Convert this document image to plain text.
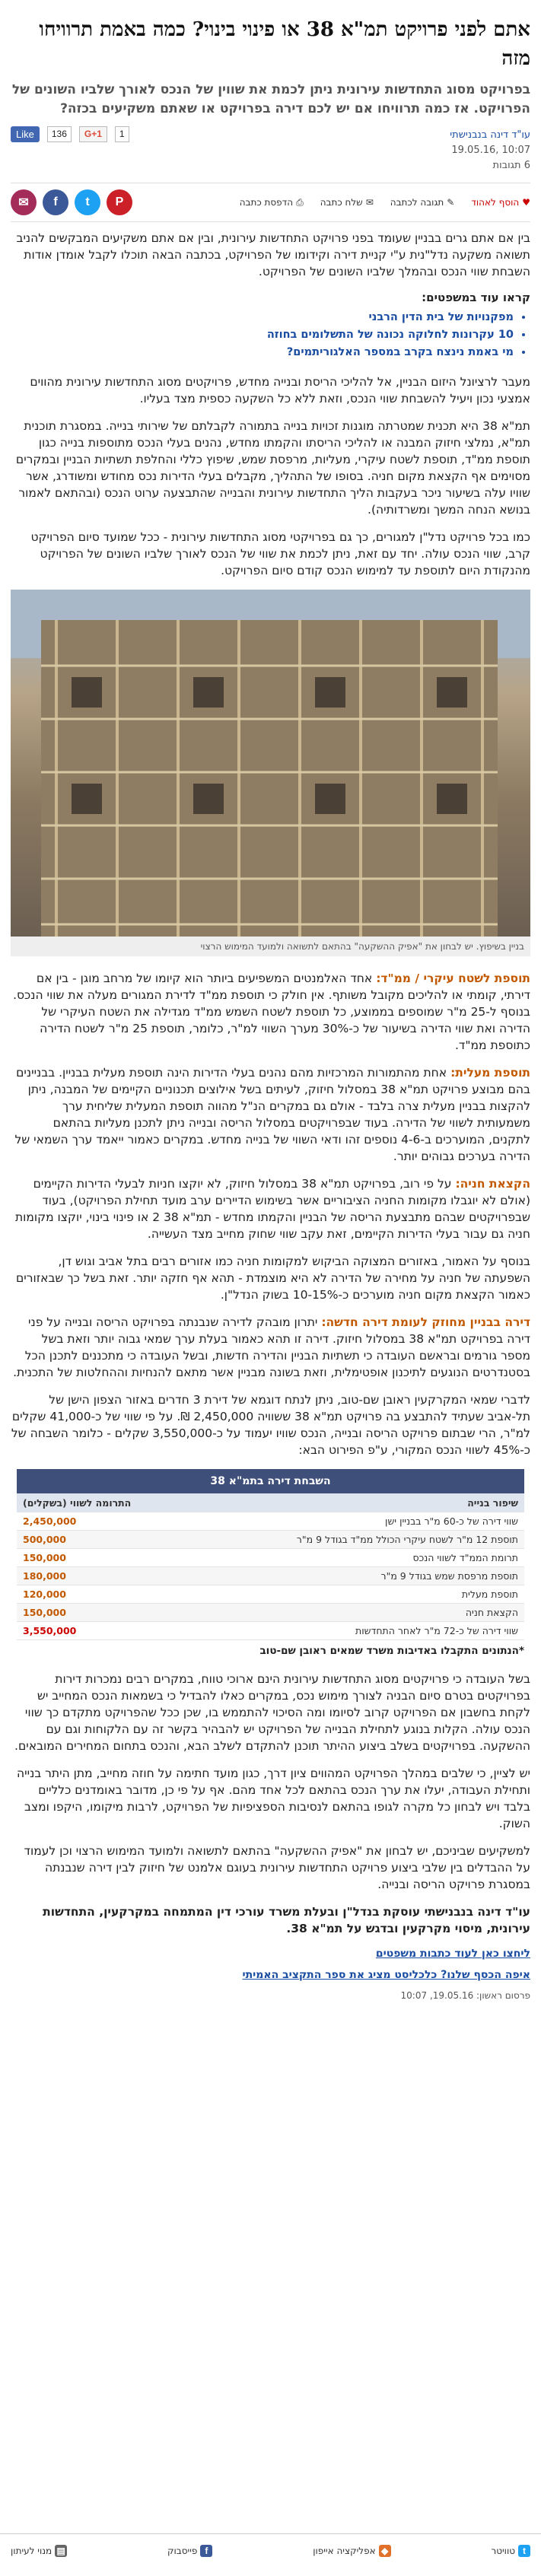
אתם לפני פרויקט תמ"א 38 או פינוי בינוי? כמה באמת תרוויחו מזה
בפרויקט מסוג התחדשות עירונית ניתן לכמת את שווין של הנכס לאורך שלביו השונים של הפרויקט. אז כמה תרוויחו אם יש לכם דירה בפרויקט או שאתם משקיעים בכזה?
עו"ד דינה בנבנישתי
10:07 ,19.05.16
6 תגובות
Like	136	G+1	1
♥
הוסף לאהוד
✎
תגובה לכתבה
✉
שלח כתבה
⎙
הדפסת כתבה
✉	f	t	P

בין אם אתם גרים בבניין שעומד בפני פרויקט התחדשות עירונית, ובין אם אתם משקיעים המבקשים להניב תשואה משקעה נדל"נית ע"י קניית דירה וקידומו של הפרויקט, בכתבה הבאה תוכלו לקבל אומדן אודות השבחת שווי הנכס ובהמלך שלביו השונים של הפרויקט.

קראו עוד במשפטים:
• מפקנויות של בית הדין הרבני
• 10 עקרונות לחלוקה נכונה של התשלומים בחוזה
• מי באמת נינצח בקרב במספר האלגוריתמים?

מעבר לרציונל היזום הבניין, אל להליכי הריסת ובנייה מחדש, פרויקטים מסוג התחדשות עירונית מהווים אמצעי נכון ויעיל להשבחת שווי הנכס, וזאת ללא כל השקעה כספית מצד בעליו.

תמ"א 38 היא תכנית שמטרתה מוגנות זכויות בנייה בתמורה לקבלתם של שירותי בנייה. במסגרת תוכנית תמ"א, נמלצי חיזוק המבנה או להליכי הריסתו והקמתו מחדש, נהנים בעלי הנכס מתוספות בנייה כגון תוספת ממ"ד, תוספת לשטח עיקרי, מעליות, מרפסת שמש, שיפוץ כללי והחלפת תשתיות הבניין ובמקרים מסוימים אף הקצאת מקום חניה. בסופו של התהליך, מקבלים בעלי הדירות נכס מחודש ומשודרג, אשר שוויו עלה בשיעור ניכר בעקבות הליך התחדשות עירונית והבנייה שהתבצעה ערוט הנכס (ובהתאם לאמור בנושא הנחה המשך ומשרדותיה).

כמו בכל פרויקט נדל"ן למגורים, כך גם בפרויקטי מסוג התחדשות עירונית - ככל שמועד סיום הפרויקט קרב, שווי הנכס עולה. יחד עם זאת, ניתן לכמת את שווי של הנכס לאורך שלביו השונים של הפרויקט מהנקודת היום לתוספת עד למימוש הנכס קודם סיום הפרויקט.

בניין בשיפוץ. יש לבחון את "אפיק ההשקעה" בהתאם לתשואה ולמועד המימוש הרצוי

תוספת לשטח עיקרי / ממ"ד: אחד האלמנטים המשפיעים ביותר הוא קיומו של מרחב מוגן - בין אם דירתי, קומתי או להליכים מקובל משותף. אין חולק כי תוספת ממ"ד לדירת המגורים מעלה את שווי הנכס. בנוסף ל-25 מ"ר שמוספים בממוצע, כל תוספת לשטח השמש ממ"ד מגדילה את השטח העיקרי של הדירה ואת שווי הדירה בשיעור של כ-30% מערך השווי למ"ר, כלומר, תוספת 25 מ"ר לשטח הדירה כתוספת ממ"ד.

תוספת מעלית: אחת מהתמורות המרכזיות מהם נהנים בעלי הדירות הינה תוספת מעלית בבניין. בבניינים בהם מבוצע פרויקט תמ"א 38 במסלול חיזוק, לעיתים בשל אילוצים תכנוניים הקיימים של המבנה, ניתן להקצות בבניין מעלית צרה בלבד - אולם גם במקרים הנ"ל מהווה תוספת המעלית שליחית ערך משמעותית לשווי של הדירה. בעוד שבפרויקטים במסלול הריסה ובנייה ניתן לתכנן מעליות בהתאם לתקנים, המוערכים ב-4-6 נוספים זהו ודאי השווי של בנייה מחדש. במקרים כאמור ייאמד ערך השמאי של הדירה בערכים גבוהים יותר.

הקצאת חניה: על פי רוב, בפרויקט תמ"א 38 במסלול חיזוק, לא יוקצו חניות לבעלי הדירות הקיימים (אולם לא יוגבלו מקומות החניה הציבוריים אשר בשימוש הדיירים ערב מועד תחילת הפרויקט), בעוד שבפרויקטים שבהם מתבצעת הריסה של הבניין והקמתו מחדש - תמ"א 38 2 או פינוי בינוי, יוקצו מקומות חניה גם עבור בעלי הדירות הקיימים, זאת עקב שווי שחוק מחייב מצד העשייה.

בנוסף על האמור, באזורים המצוקה הביקוש למקומות חניה כמו אזורים רבים בתל אביב וגוש דן, השפעתה של חניה על מחירה של הדירה לא היא מוצמדת - תהא אף חזקה יותר. זאת בשל כך שבאזורים כאמור הקצאת מקום חניה מוערכים כ-10-15% בשוק הנדל"ן.

דירה בבניין מחוזק לעומת דירה חדשה: יתרון מובהק לדירה שנבנתה בפרויקט הריסה ובנייה על פני דירה בפרויקט תמ"א 38 במסלול חיזוק. דירה זו תהא כאמור בעלת ערך שמאי גבוה יותר וזאת בשל מספר גורמים ובראשם העובדה כי תשתיות הבניין והדירה חדשות, ובשל העובדה כי מתכננים לתכנן הכל בסטנדרטים הנוגעים לתיכנון אופטימלית, וזאת בשונה מבניין אשר מתאם להנחיות וההחלטות של התכנית.

לדברי שמאי המקרקעין ראובן שם-טוב, ניתן לנתח דוגמא של דירת 3 חדרים באזור הצפון הישן של תל-אביב שעתיד להתבצע בה פרויקט תמ"א 38 ששוויה 2,450,000 ₪. על פי שווי של כ-41,000 שקלים למ"ר, הרי שבתום פרויקט הריסה ובנייה, הנכס שוויו יעמוד על כ-3,550,000 שקלים - כלומר השבחה של כ-45% לשווי הנכס המקורי, ע"פ הפירוט הבא:

השבחת דירה בתמ"א 38	
שיפור בנייה	התרומה לשווי (בשקלים)
שווי דירה של כ-60 מ"ר בבניין ישן	2,450,000
תוספת 12 מ"ר לשטח עיקרי הכולל ממ"ד בגודל 9 מ"ר	500,000
תרומת הממ"ד לשווי הנכס	150,000
תוספת מרפסת שמש בגודל 9 מ"ר	180,000
תוספת מעלית	120,000
הקצאת חניה	150,000
שווי דירה של כ-72 מ"ר לאחר התחדשות	3,550,000
*הנתונים התקבלו באדיבות משרד שמאים ראובן שם-טוב

בשל העובדה כי פרויקטים מסוג התחדשות עירונית הינם ארוכי טווח, במקרים רבים נמכרות דירות בפרויקטים בטרם סיום הבניה לצורך מימוש נכס, במקרים כאלו להבדיל כי בשמאות הנכס המחייב יש לקחת בחשבון אם הפרויקט קרוב לסיומו ומה הסיכוי להתממש בו, שכן ככל שהפרויקט מתקדם כך שווי הנכס עולה. הקלות בנוגע לתחילת הבנייה של הפרויקט יש להבהיר בקשר זה עם הלקוחות וגם עם ההשקעה. בפרויקטים בשלב ביצוע ההיתר תוכנן להתקדם לשלב הבא, והנכס בתחום המחירים המובאים.

יש לציין, כי שלבים במהלך הפרויקט המהווים ציון דרך, כגון מועד חתימה על חוזה מחייב, מתן היתר בנייה ותחילת העבודה, יעלו את ערך הנכס בהתאם לכל אחד מהם. אף על פי כן, מדובר באומדנים כלליים בלבד ויש לבחון כל מקרה לגופו בהתאם לנסיבות הספציפיות של הפרויקט, לרבות מיקומו, היקפו ומצב השוק.

למשקיעים שביניכם, יש לבחון את "אפיק ההשקעה" בהתאם לתשואה ולמועד המימוש הרצוי וכן לעמוד על ההבדלים בין שלבי ביצוע פרויקט התחדשות עירונית בעוגם אלמנט של חיזוק לבין דירה שנבנתה במסגרת פרויקט הריסה ובנייה.

עו"ד דינה בנבנישתי עוסקת בנדל"ן ובעלת משרד עורכי דין המתמחה במקרקעין, התחדשות עירונית, מיסוי מקרקעין ובדגש על תמ"א 38.

ליחצו כאן לעוד כתבות משפטים
איפה הכסף שלנו? כלכליסט מציג את ספר התקציב האמיתי
פרסום ראשון: 19.05.16, 10:07
t
טוויטר
◆
אפליקציה אייפון
f
פייסבוק
▤
מנוי לעיתון
